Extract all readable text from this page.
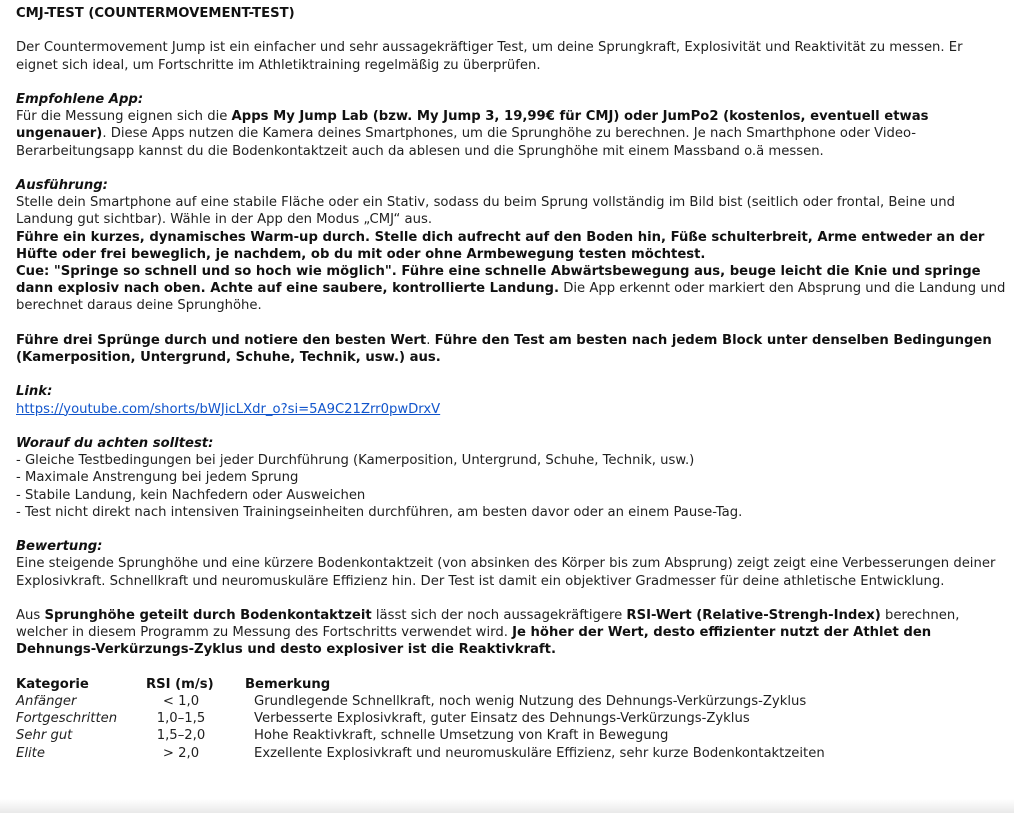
CMJ-TEST (COUNTERMOVEMENT-TEST)

Der Countermovement Jump ist ein einfacher und sehr aussagekräftiger Test, um deine Sprungkraft, Explosivität und Reaktivität zu messen. Er eignet sich ideal, um Fortschritte im Athletiktraining regelmäßig zu überprüfen.

Empfohlene App:

Für die Messung eignen sich die Apps My Jump Lab (bzw. My Jump 3, 19,99€ für CMJ) oder JumPo2 (kostenlos, eventuell etwas ungenauer). Diese Apps nutzen die Kamera deines Smartphones, um die Sprunghöhe zu berechnen. Je nach Smarthphone oder Video-Berarbeitungsapp kannst du die Bodenkontaktzeit auch da ablesen und die Sprunghöhe mit einem Massband o.ä messen.

Ausführung:

Stelle dein Smartphone auf eine stabile Fläche oder ein Stativ, sodass du beim Sprung vollständig im Bild bist (seitlich oder frontal, Beine und Landung gut sichtbar). Wähle in der App den Modus „CMJ“ aus.

Führe ein kurzes, dynamisches Warm-up durch. Stelle dich aufrecht auf den Boden hin, Füße schulterbreit, Arme entweder an der Hüfte oder frei beweglich, je nachdem, ob du mit oder ohne Armbewegung testen möchtest.

Cue: "Springe so schnell und so hoch wie möglich". Führe eine schnelle Abwärtsbewegung aus, beuge leicht die Knie und springe dann explosiv nach oben. Achte auf eine saubere, kontrollierte Landung. Die App erkennt oder markiert den Absprung und die Landung und berechnet daraus deine Sprunghöhe.

Führe drei Sprünge durch und notiere den besten Wert. Führe den Test am besten nach jedem Block unter denselben Bedingungen (Kamerposition, Untergrund, Schuhe, Technik, usw.) aus.

Link:

https://youtube.com/shorts/bWJicLXdr_o?si=5A9C21Zrr0pwDrxV

Worauf du achten solltest:

- Gleiche Testbedingungen bei jeder Durchführung (Kamerposition, Untergrund, Schuhe, Technik, usw.)

- Maximale Anstrengung bei jedem Sprung

- Stabile Landung, kein Nachfedern oder Ausweichen

- Test nicht direkt nach intensiven Trainingseinheiten durchführen, am besten davor oder an einem Pause-Tag.

Bewertung:

Eine steigende Sprunghöhe und eine kürzere Bodenkontaktzeit (von absinken des Körper bis zum Absprung) zeigt zeigt eine Verbesserungen deiner Explosivkraft. Schnellkraft und neuromuskuläre Effizienz hin. Der Test ist damit ein objektiver Gradmesser für deine athletische Entwicklung.

Aus Sprunghöhe geteilt durch Bodenkontaktzeit lässt sich der noch aussagekräftigere RSI-Wert (Relative-Strengh-Index) berechnen, welcher in diesem Programm zu Messung des Fortschritts verwendet wird. Je höher der Wert, desto effizienter nutzt der Athlet den Dehnungs-Verkürzungs-Zyklus und desto explosiver ist die Reaktivkraft.

Kategorie	RSI (m/s) Bemerkung
Anfänger	< 1,0	Grundlegende Schnellkraft, noch wenig Nutzung des Dehnungs-Verkürzungs-Zyklus
Fortgeschritten	1,0–1,5	Verbesserte Explosivkraft, guter Einsatz des Dehnungs-Verkürzungs-Zyklus
Sehr gut	1,5–2,0	Hohe Reaktivkraft, schnelle Umsetzung von Kraft in Bewegung
Elite	> 2,0	Exzellente Explosivkraft und neuromuskuläre Effizienz, sehr kurze Bodenkontaktzeiten
